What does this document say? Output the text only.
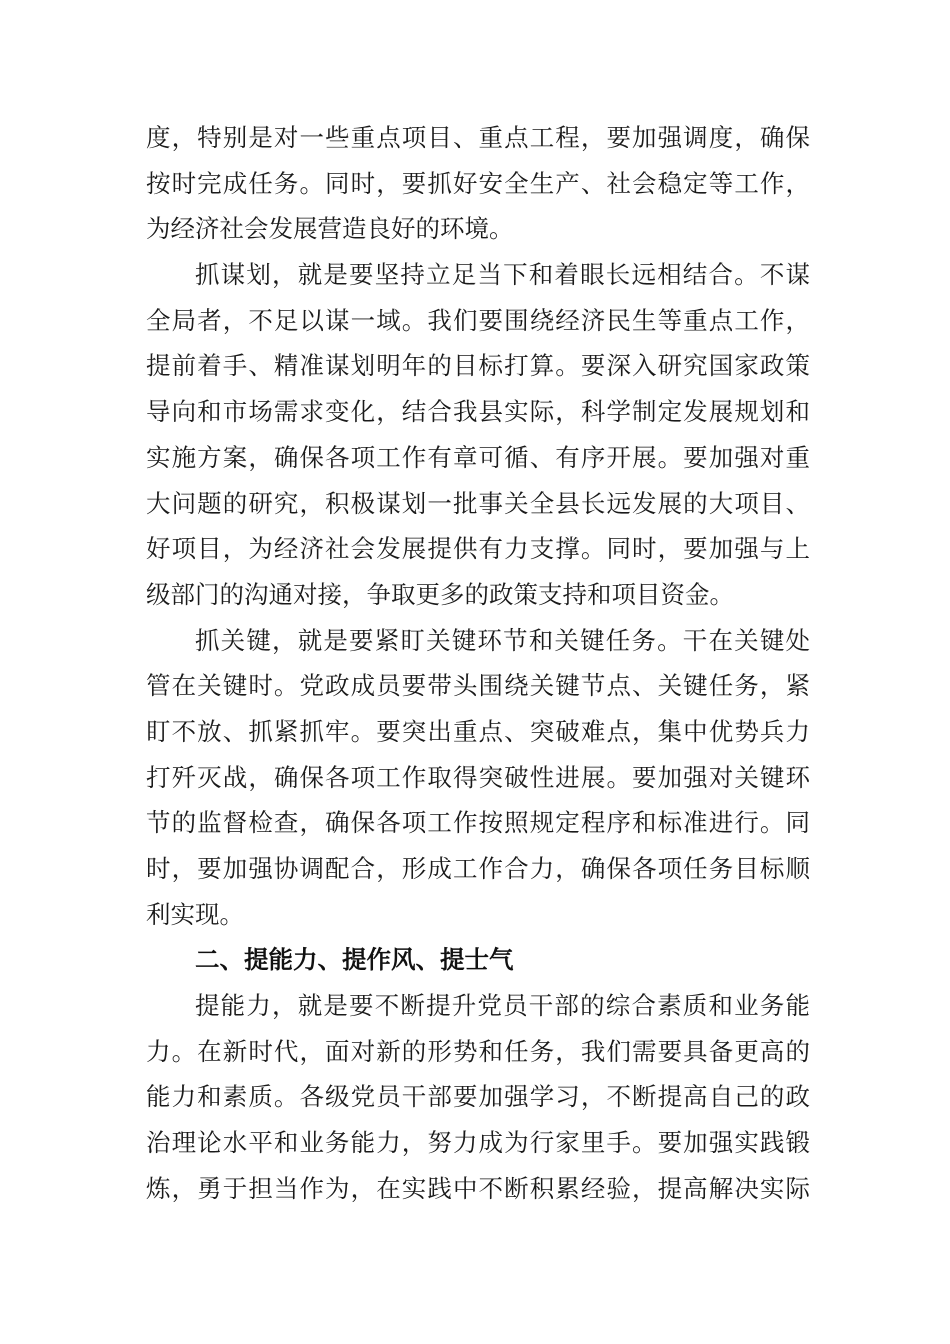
度，特别是对一些重点项目、重点工程，要加强调度，确保
按时完成任务。同时，要抓好安全生产、社会稳定等工作，
为经济社会发展营造良好的环境。
抓谋划，就是要坚持立足当下和着眼长远相结合。不谋
全局者，不足以谋一域。我们要围绕经济民生等重点工作，
提前着手、精准谋划明年的目标打算。要深入研究国家政策
导向和市场需求变化，结合我县实际，科学制定发展规划和
实施方案，确保各项工作有章可循、有序开展。要加强对重
大问题的研究，积极谋划一批事关全县长远发展的大项目、
好项目，为经济社会发展提供有力支撑。同时，要加强与上
级部门的沟通对接，争取更多的政策支持和项目资金。
抓关键，就是要紧盯关键环节和关键任务。干在关键处
管在关键时。党政成员要带头围绕关键节点、关键任务，紧
盯不放、抓紧抓牢。要突出重点、突破难点，集中优势兵力
打歼灭战，确保各项工作取得突破性进展。要加强对关键环
节的监督检查，确保各项工作按照规定程序和标准进行。同
时，要加强协调配合，形成工作合力，确保各项任务目标顺
利实现。
二、提能力、提作风、提士气
提能力，就是要不断提升党员干部的综合素质和业务能
力。在新时代，面对新的形势和任务，我们需要具备更高的
能力和素质。各级党员干部要加强学习，不断提高自己的政
治理论水平和业务能力，努力成为行家里手。要加强实践锻
炼，勇于担当作为，在实践中不断积累经验，提高解决实际
